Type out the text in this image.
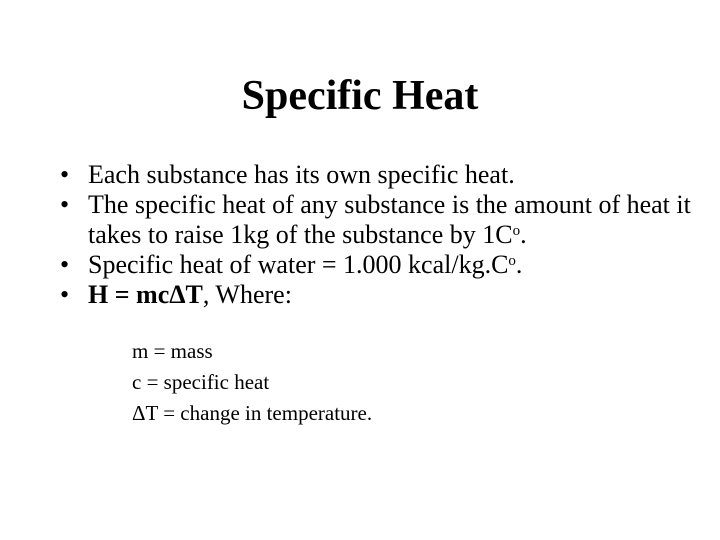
Specific Heat
• Each substance has its own specific heat.
• The specific heat of any substance is the amount of heat it takes to raise 1kg of the substance by $1C^o$.
• Specific heat of water = 1.000 kcal/$kg.C^o$.
• H = mcΔT, Where:
m = mass
c = specific heat
ΔT = change in temperature.
